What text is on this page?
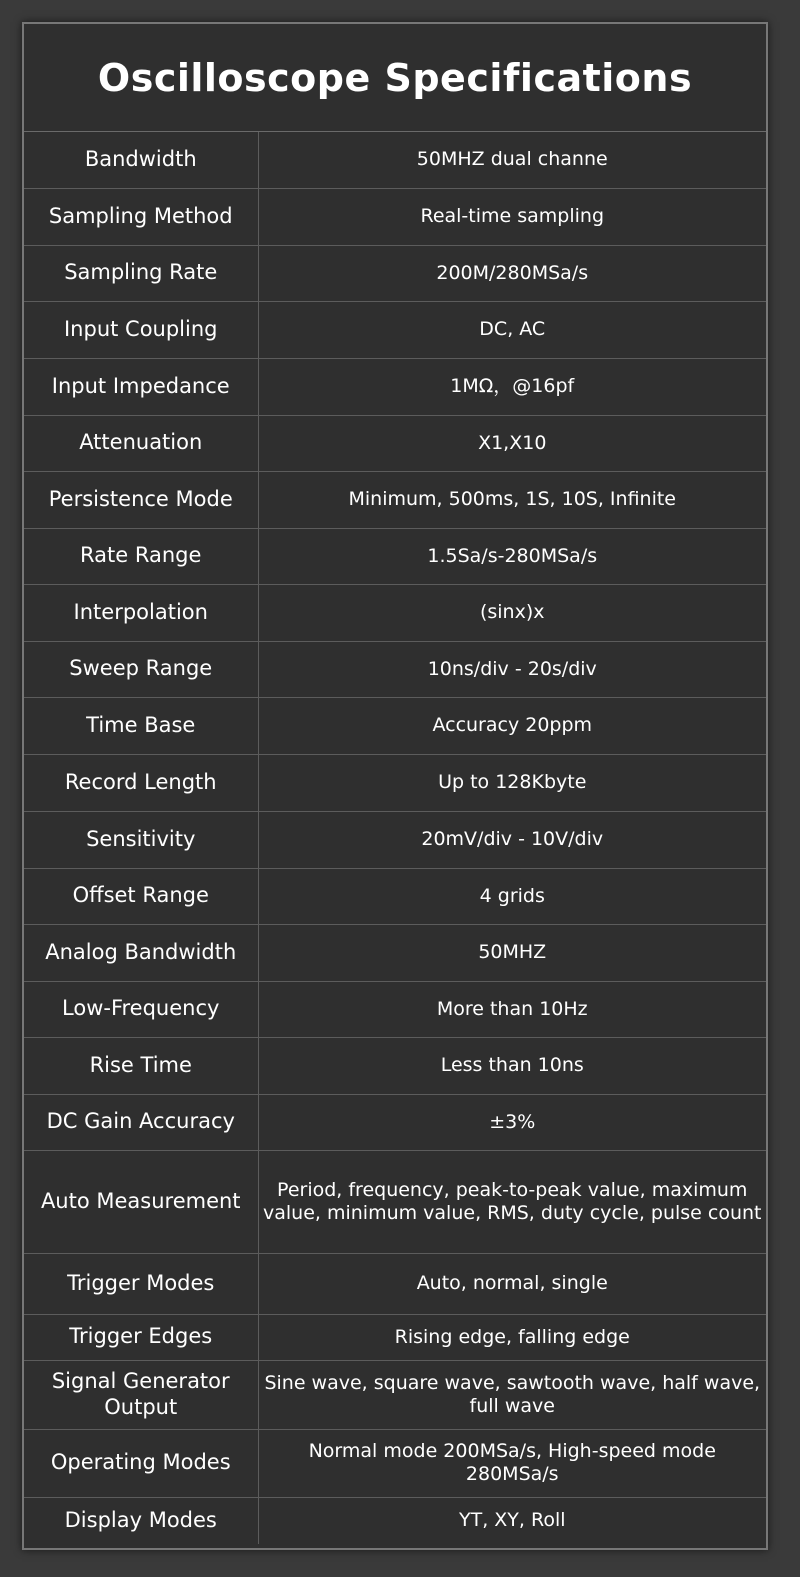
Oscilloscope Specifications
Bandwidth	50MHZ dual channe
Sampling Method	Real-time sampling
Sampling Rate	200M/280MSa/s
Input Coupling	DC, AC
Input Impedance	1MΩ，@16pf
Attenuation	X1,X10
Persistence Mode	Minimum, 500ms, 1S, 10S, Infinite
Rate Range	1.5Sa/s-280MSa/s
Interpolation	(sinx)x
Sweep Range	10ns/div - 20s/div
Time Base	Accuracy 20ppm
Record Length	Up to 128Kbyte
Sensitivity	20mV/div - 10V/div
Offset Range	4 grids
Analog Bandwidth	50MHZ
Low-Frequency	More than 10Hz
Rise Time	Less than 10ns
DC Gain Accuracy	±3%
Auto Measurement	Period, frequency, peak-to-peak value, maximum value, minimum value, RMS, duty cycle, pulse count
Trigger Modes	Auto, normal, single
Trigger Edges	Rising edge, falling edge
Signal Generator Output	Sine wave, square wave, sawtooth wave, half wave, full wave
Operating Modes	Normal mode 200MSa/s, High-speed mode 280MSa/s
Display Modes	YT, XY, Roll
